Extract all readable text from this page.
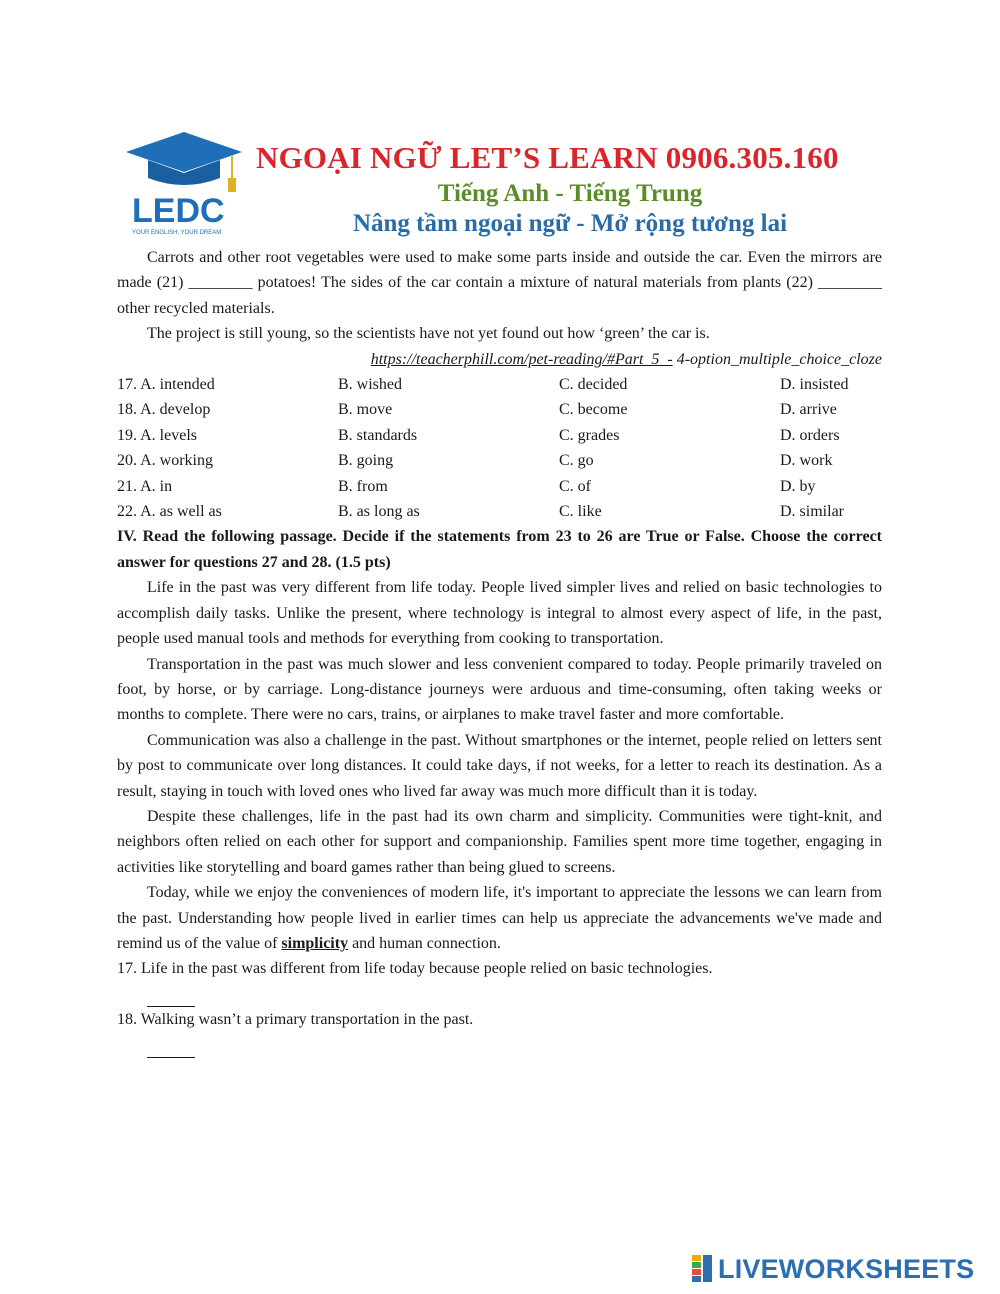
LEDC
YOUR ENGLISH, YOUR DREAM
NGOẠI NGỮ LET’S LEARN 0906.305.160
Tiếng Anh - Tiếng Trung
Nâng tầm ngoại ngữ - Mở rộng tương lai

Carrots and other root vegetables were used to make some parts inside and outside the car. Even the mirrors are made (21) ________ potatoes! The sides of the car contain a mixture of natural materials from plants (22) ________ other recycled materials.

The project is still young, so the scientists have not yet found out how ‘green’ the car is.

https://teacherphill.com/pet-reading/#Part_5_- 4-option_multiple_choice_cloze

17. A. intended	B. wished	C. decided	D. insisted
18. A. develop	B. move	C. become	D. arrive
19. A. levels	B. standards	C. grades	D. orders
20. A. working	B. going	C. go	D. work
21. A. in	B. from	C. of	D. by
22. A. as well as	B. as long as	C. like	D. similar

IV. Read the following passage. Decide if the statements from 23 to 26 are True or False. Choose the correct answer for questions 27 and 28. (1.5 pts)

Life in the past was very different from life today. People lived simpler lives and relied on basic technologies to accomplish daily tasks. Unlike the present, where technology is integral to almost every aspect of life, in the past, people used manual tools and methods for everything from cooking to transportation.

Transportation in the past was much slower and less convenient compared to today. People primarily traveled on foot, by horse, or by carriage. Long-distance journeys were arduous and time-consuming, often taking weeks or months to complete. There were no cars, trains, or airplanes to make travel faster and more comfortable.

Communication was also a challenge in the past. Without smartphones or the internet, people relied on letters sent by post to communicate over long distances. It could take days, if not weeks, for a letter to reach its destination. As a result, staying in touch with loved ones who lived far away was much more difficult than it is today.

Despite these challenges, life in the past had its own charm and simplicity. Communities were tight-knit, and neighbors often relied on each other for support and companionship. Families spent more time together, engaging in activities like storytelling and board games rather than being glued to screens.

Today, while we enjoy the conveniences of modern life, it's important to appreciate the lessons we can learn from the past. Understanding how people lived in earlier times can help us appreciate the advancements we've made and remind us of the value of simplicity and human connection.

17. Life in the past was different from life today because people relied on basic technologies.

18. Walking wasn’t a primary transportation in the past.

LIVEWORKSHEETS
